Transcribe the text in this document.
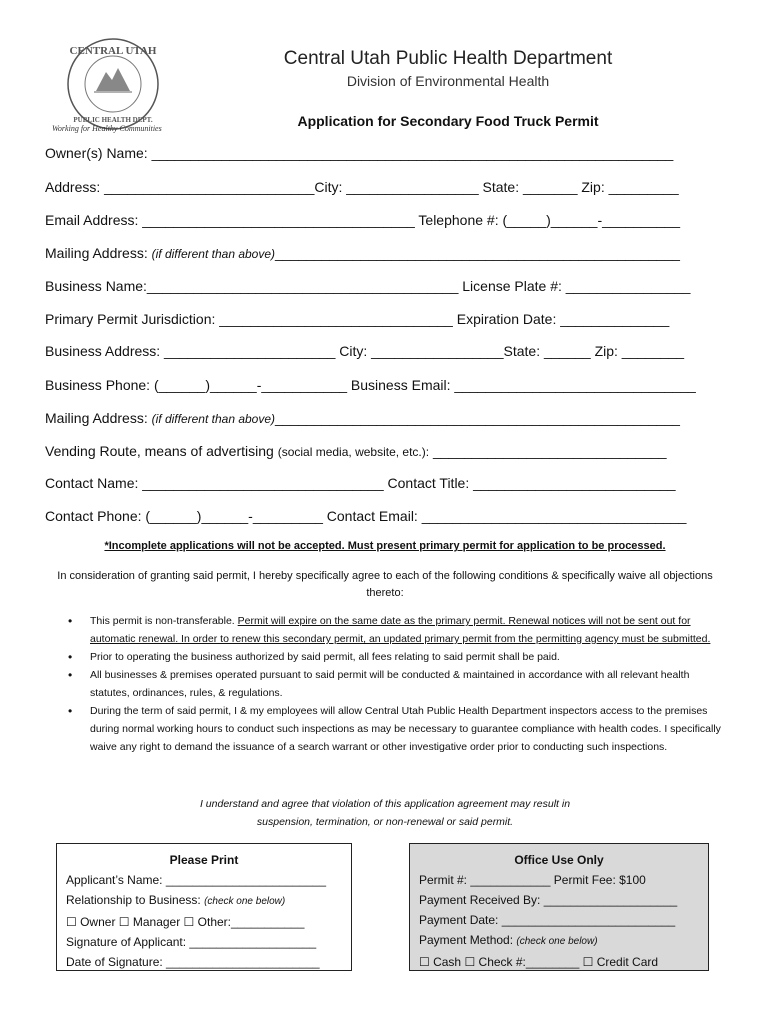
CENTRAL UTAH
PUBLIC HEALTH DEPT.
Working for Healthy Communities
Central Utah Public Health Department
Division of Environmental Health
Application for Secondary Food Truck Permit
Owner(s) Name: ___________________________________________________________________
Address: ___________________________City: _________________ State: _______ Zip: _________
Email Address: ___________________________________ Telephone #: (_____)______-__________
Mailing Address: (if different than above)____________________________________________________
Business Name:________________________________________ License Plate #: ________________
Primary Permit Jurisdiction: ______________________________ Expiration Date: ______________
Business Address: ______________________ City: _________________State: ______ Zip: ________
Business Phone: (______)______-___________ Business Email: _______________________________
Mailing Address: (if different than above)____________________________________________________
Vending Route, means of advertising (social media, website, etc.): ______________________________
Contact Name: _______________________________ Contact Title: __________________________
Contact Phone: (______)______-_________ Contact Email: __________________________________
*Incomplete applications will not be accepted. Must present primary permit for application to be processed.
In consideration of granting said permit, I hereby specifically agree to each of the following conditions & specifically waive all objections thereto:
• This permit is non-transferable. Permit will expire on the same date as the primary permit. Renewal notices will not be sent out for automatic renewal. In order to renew this secondary permit, an updated primary permit from the permitting agency must be submitted.
• Prior to operating the business authorized by said permit, all fees relating to said permit shall be paid.
• All businesses & premises operated pursuant to said permit will be conducted & maintained in accordance with all relevant health statutes, ordinances, rules, & regulations.
• During the term of said permit, I & my employees will allow Central Utah Public Health Department inspectors access to the premises during normal working hours to conduct such inspections as may be necessary to guarantee compliance with health codes. I specifically waive any right to demand the issuance of a search warrant or other investigative order prior to conducting such inspections.
I understand and agree that violation of this application agreement may result in
suspension, termination, or non-renewal or said permit.
Please Print
Applicant’s Name: ________________________
Relationship to Business: (check one below)
☐ Owner ☐ Manager ☐ Other:___________
Signature of Applicant: ___________________
Date of Signature: _______________________
Office Use Only
Permit #: ____________ Permit Fee: $100
Payment Received By: ____________________
Payment Date: __________________________
Payment Method: (check one below)
☐ Cash ☐ Check #:________ ☐ Credit Card
